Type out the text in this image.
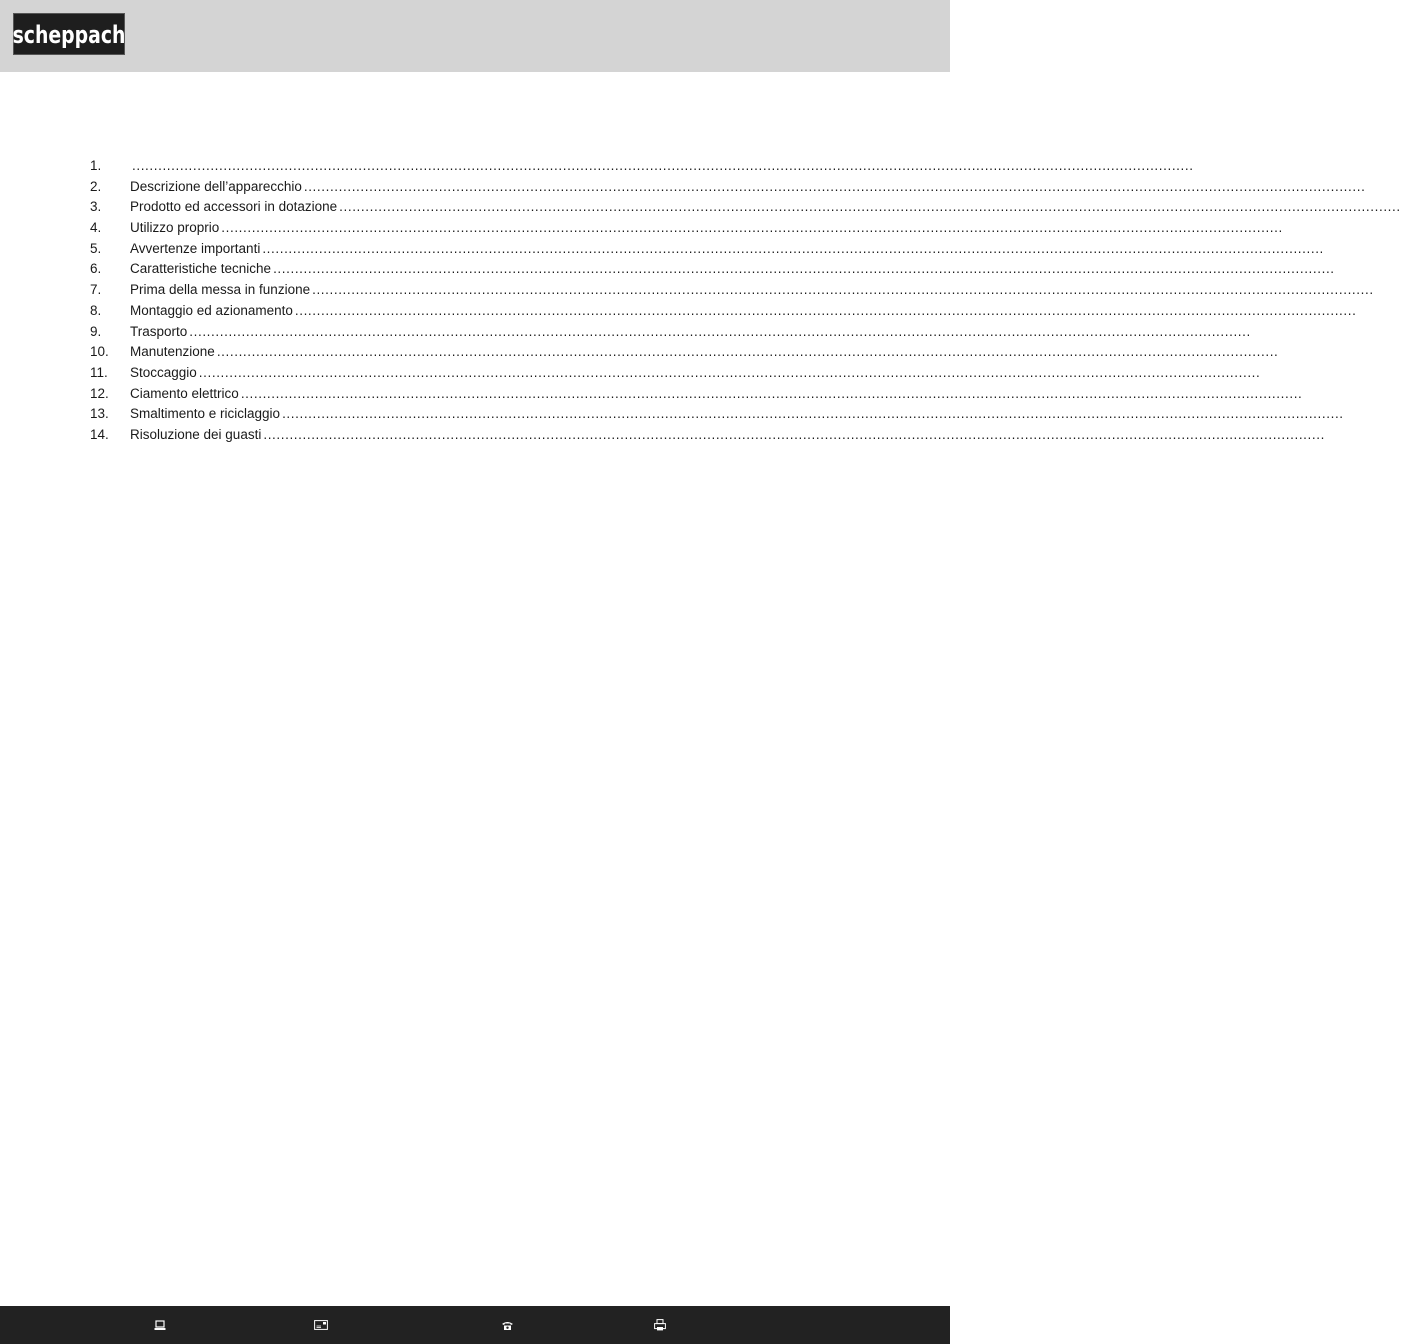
scheppach
1.
.....
2.	Descrizione dell’apparecchio
.....
3.	Prodotto ed accessori in dotazione
.....
4.	Utilizzo proprio
.....
5.	Avvertenze importanti
.....
6.	Caratteristiche tecniche
.....
7.	Prima della messa in funzione
.....
8.	Montaggio ed azionamento
.....
9.	Trasporto
.....
10.	Manutenzione
.....
11.	Stoccaggio
.....
12.	Ciamento elettrico
.....
13.	Smaltimento e riciclaggio
.....
14.	Risoluzione dei guasti
.....
